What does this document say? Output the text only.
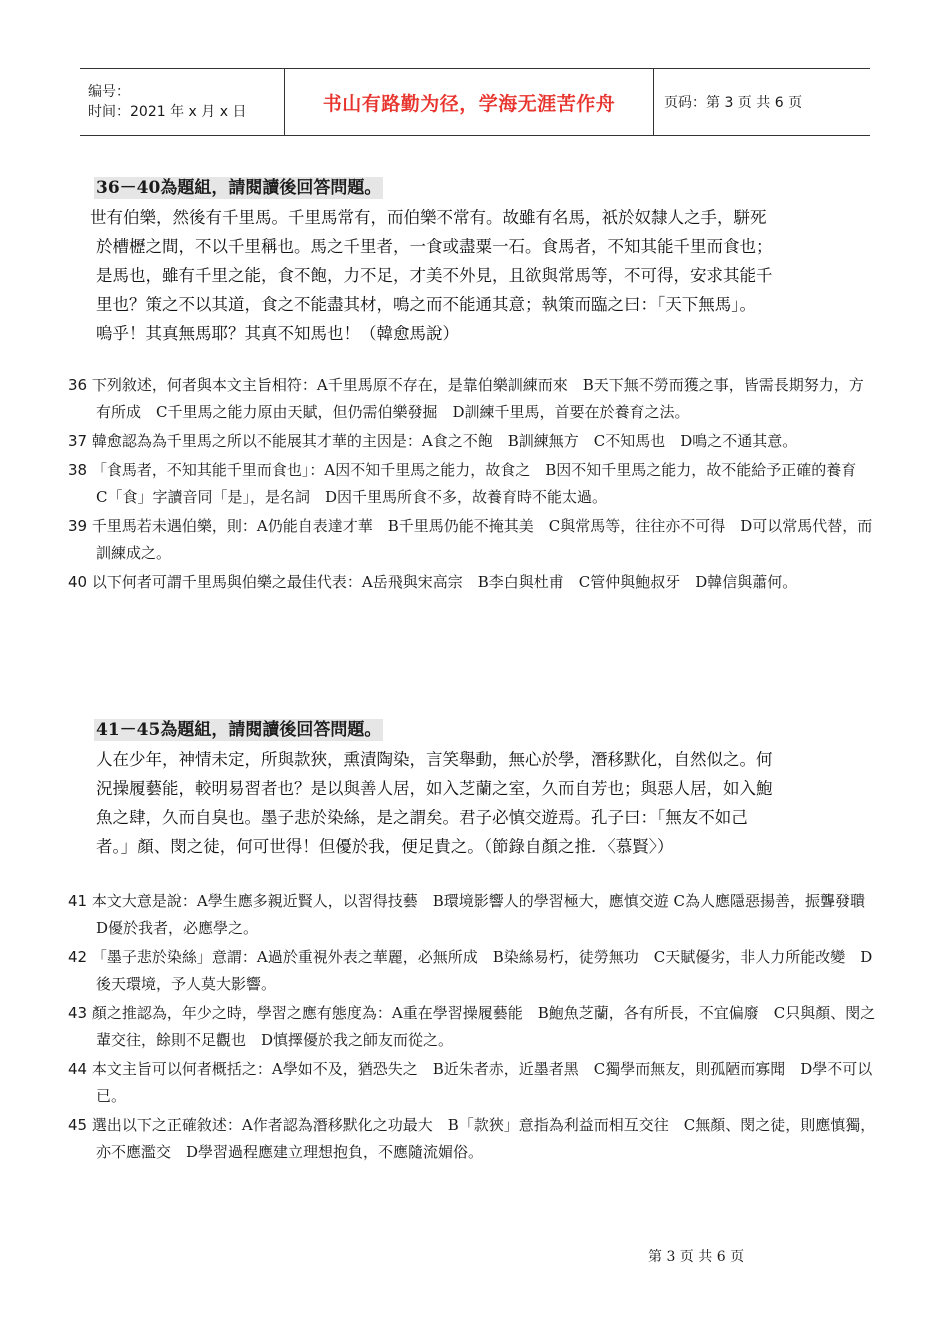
编号：
时间：2021 年 x 月 x 日	书山有路勤为径，学海无涯苦作舟	页码：第 3 页 共 6 页
36－40為題組，請閱讀後回答問題。
世有伯樂，然後有千里馬。千里馬常有，而伯樂不常有。故雖有名馬，祇於奴隸人之手，駢死
於槽櫪之間，不以千里稱也。馬之千里者，一食或盡粟一石。食馬者，不知其能千里而食也；
是馬也，雖有千里之能，食不飽，力不足，才美不外見，且欲與常馬等，不可得，安求其能千
里也？策之不以其道，食之不能盡其材，鳴之而不能通其意；執策而臨之曰：「天下無馬」。
嗚乎！其真無馬耶？其真不知馬也！（韓愈馬說）
36 下列敘述，何者與本文主旨相符：A千里馬原不存在，是靠伯樂訓練而來　B天下無不勞而獲之事，皆需長期努力，方有所成　C千里馬之能力原由天賦，但仍需伯樂發掘　D訓練千里馬，首要在於養育之法。
37 韓愈認為為千里馬之所以不能展其才華的主因是：A食之不飽　B訓練無方　C不知馬也　D鳴之不通其意。
38 「食馬者，不知其能千里而食也」：A因不知千里馬之能力，故食之　B因不知千里馬之能力，故不能給予正確的養育　C「食」字讀音同「是」，是名詞　D因千里馬所食不多，故養育時不能太過。
39 千里馬若未遇伯樂，則：A仍能自表達才華　B千里馬仍能不掩其美　C與常馬等，往往亦不可得　D可以常馬代替，而訓練成之。
40 以下何者可謂千里馬與伯樂之最佳代表：A岳飛與宋高宗　B李白與杜甫　C管仲與鮑叔牙　D韓信與蕭何。
41－45為題組，請閱讀後回答問題。
人在少年，神情未定，所與款狹，熏漬陶染，言笑舉動，無心於學，潛移默化，自然似之。何
況操履藝能，較明易習者也？是以與善人居，如入芝蘭之室，久而自芳也；與惡人居，如入鮑
魚之肆，久而自臭也。墨子悲於染絲，是之謂矣。君子必慎交遊焉。孔子曰：「無友不如己
者。」顏、閔之徒，何可世得！但優於我，便足貴之。（節錄自顏之推．〈慕賢〉）
41 本文大意是說：A學生應多親近賢人，以習得技藝　B環境影響人的學習極大，應慎交遊 C為人應隱惡揚善，振聾發聵　D優於我者，必應學之。
42 「墨子悲於染絲」意謂：A過於重視外表之華麗，必無所成　B染絲易朽，徒勞無功　C天賦優劣，非人力所能改變　D後天環境，予人莫大影響。
43 顏之推認為，年少之時，學習之應有態度為：A重在學習操履藝能　B鮑魚芝蘭，各有所長，不宜偏廢　C只與顏、閔之輩交往，餘則不足觀也　D慎擇優於我之師友而從之。
44 本文主旨可以何者概括之：A學如不及，猶恐失之　B近朱者赤，近墨者黑　C獨學而無友，則孤陋而寡聞　D學不可以已。
45 選出以下之正確敘述：A作者認為潛移默化之功最大　B「款狹」意指為利益而相互交往　C無顏、閔之徒，則應慎獨，亦不應濫交　D學習過程應建立理想抱負，不應隨流媚俗。
第 3 页 共 6 页
